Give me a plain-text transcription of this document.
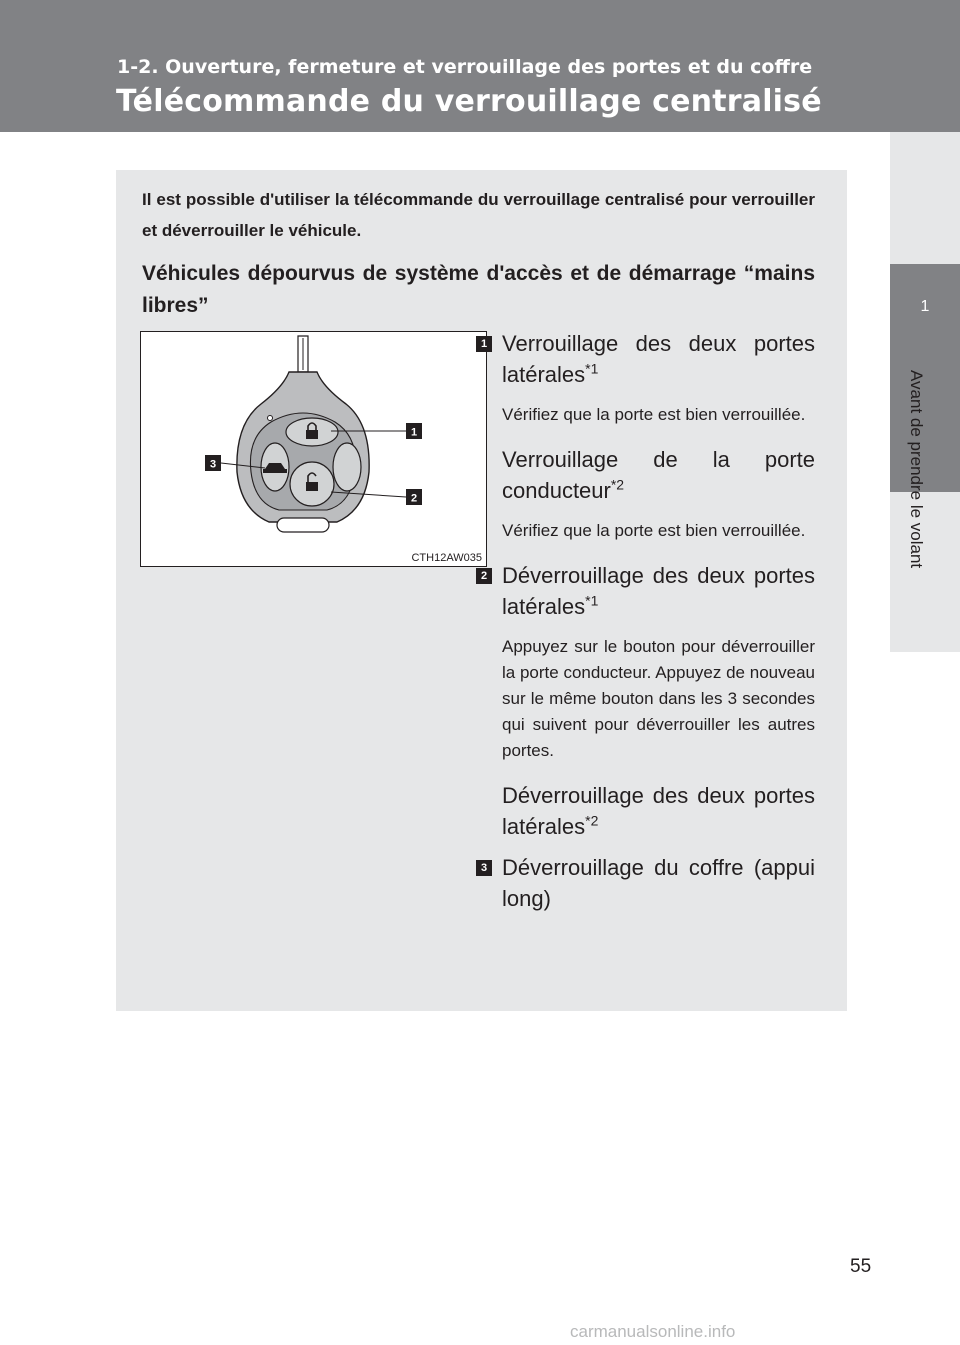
1-2. Ouverture, fermeture et verrouillage des portes et du coffre

Télécommande du verrouillage centralisé

1

Avant de prendre le volant

Il est possible d'utiliser la télécommande du verrouillage centralisé pour verrouiller et déverrouiller le véhicule.

Véhicules dépourvus de système d'accès et de démarrage “mains libres”

1
2
3

CTH12AW035

1 Verrouillage des deux portes latérales$^{*1}$

Vérifiez que la porte est bien verrouillée.

Verrouillage de la porte conducteur$^{*2}$

Vérifiez que la porte est bien verrouillée.

2 Déverrouillage des deux portes latérales$^{*1}$

Appuyez sur le bouton pour déverrouiller la porte conducteur. Appuyez de nouveau sur le même bouton dans les 3 secondes qui suivent pour déverrouiller les autres portes.

Déverrouillage des deux portes latérales$^{*2}$

3 Déverrouillage du coffre (appui long)

55

carmanualsonline.info
